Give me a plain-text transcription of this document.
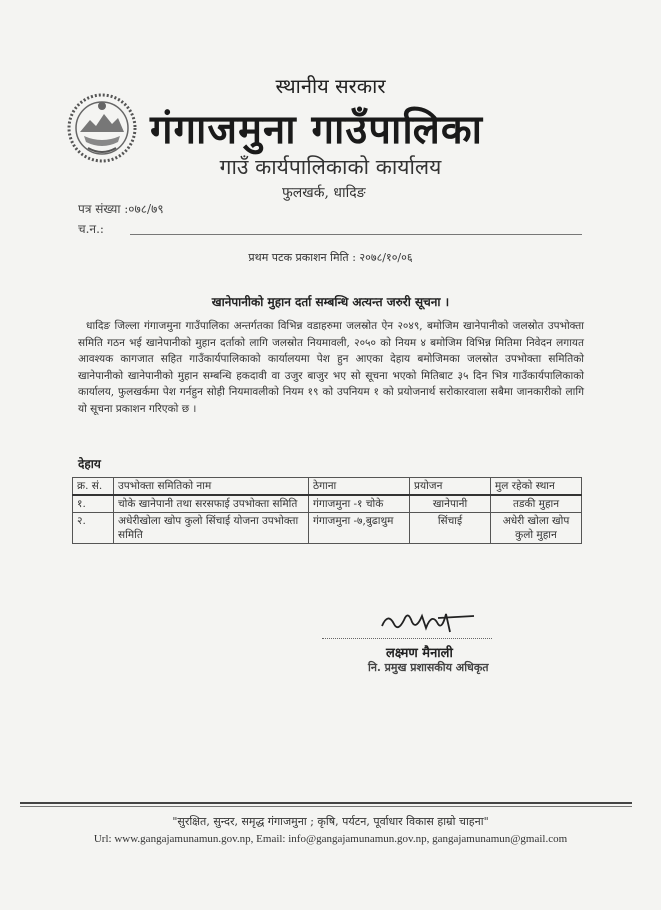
स्थानीय सरकार
गंगाजमुना गाउँपालिका
गाउँ कार्यपालिकाको कार्यालय
फुलखर्क, धादिङ
पत्र संख्या :०७८/७९
च.न.:
प्रथम पटक प्रकाशन मिति : २०७८/१०/०६
खानेपानीको मुहान दर्ता सम्बन्धि अत्यन्त जरुरी सूचना ।
धादिङ जिल्ला गंगाजमुना गाउँपालिका अन्तर्गतका विभिन्न वडाहरुमा जलस्रोत ऐन २०४९, बमोजिम खानेपानीको जलस्रोत उपभोक्ता समिति गठन भई खानेपानीको मुहान दर्ताको लागि जलस्रोत नियमावली, २०५० को नियम ४ बमोजिम विभिन्न मितिमा निवेदन लगायत आवश्यक कागजात सहित गाउँकार्यपालिकाको कार्यालयमा पेश हुन आएका देहाय बमोजिमका जलस्रोत उपभोक्ता समितिको खानेपानीको खानेपानीको मुहान सम्बन्धि हकदावी वा उजुर बाजुर भए सो सूचना भएको मितिबाट ३५ दिन भित्र गाउँकार्यपालिकाको कार्यालय, फुलखर्कमा पेश गर्नहुन सोही नियमावलीको नियम १९ को उपनियम १ को प्रयोजनार्थ सरोकारवाला सबैमा जानकारीको लागि यो सूचना प्रकाशन गरिएको छ ।
देहाय
क्र. सं.	उपभोक्ता समितिको नाम	ठेगाना	प्रयोजन	मुल रहेको स्थान
१.	चोके खानेपानी तथा सरसफाई उपभोक्ता समिति	गंगाजमुना -१ चोके	खानेपानी	तडकी मुहान
२.	अधेरीखोला खोप कुलो सिंचाई योजना उपभोक्ता समिति	गंगाजमुना -७,बुढाथुम	सिंचाई	अधेरी खोला खोप कुलो मुहान
लक्ष्मण मैनाली
नि. प्रमुख प्रशासकीय अधिकृत
"सुरक्षित, सुन्दर, समृद्ध गंगाजमुना ; कृषि, पर्यटन, पूर्वाधार विकास हाम्रो चाहना"
Url: www.gangajamunamun.gov.np, Email: info@gangajamunamun.gov.np, gangajamunamun@gmail.com
